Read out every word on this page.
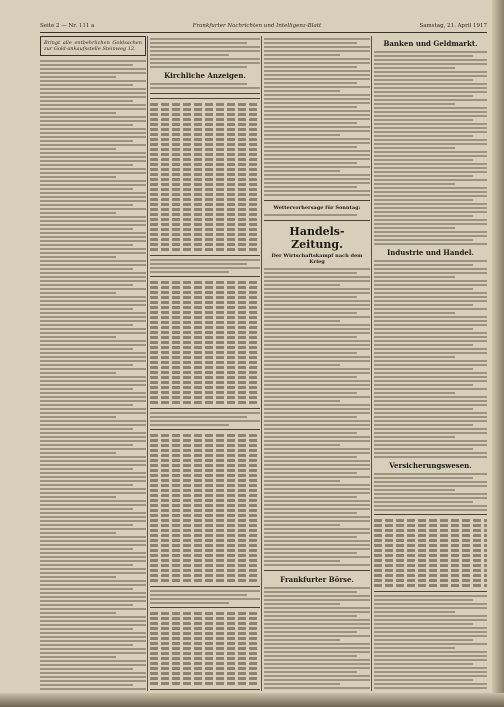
Seite 2 — Nr. 111 a	Frankfurter Nachrichten und Intelligenz-Blatt	Samstag, 21. April 1917
Bringt alle entbehrlichen Goldsachen zur Gold-ankaufsstelle Steinweg 12.
Kirchliche Anzeigen.
Wettervorhersage für Sonntag:
Handels-Zeitung.
Der Wirtschaftskampf nach dem Krieg
Frankfurter Börse.
Banken und Geldmarkt.
Industrie und Handel.
Versicherungswesen.
